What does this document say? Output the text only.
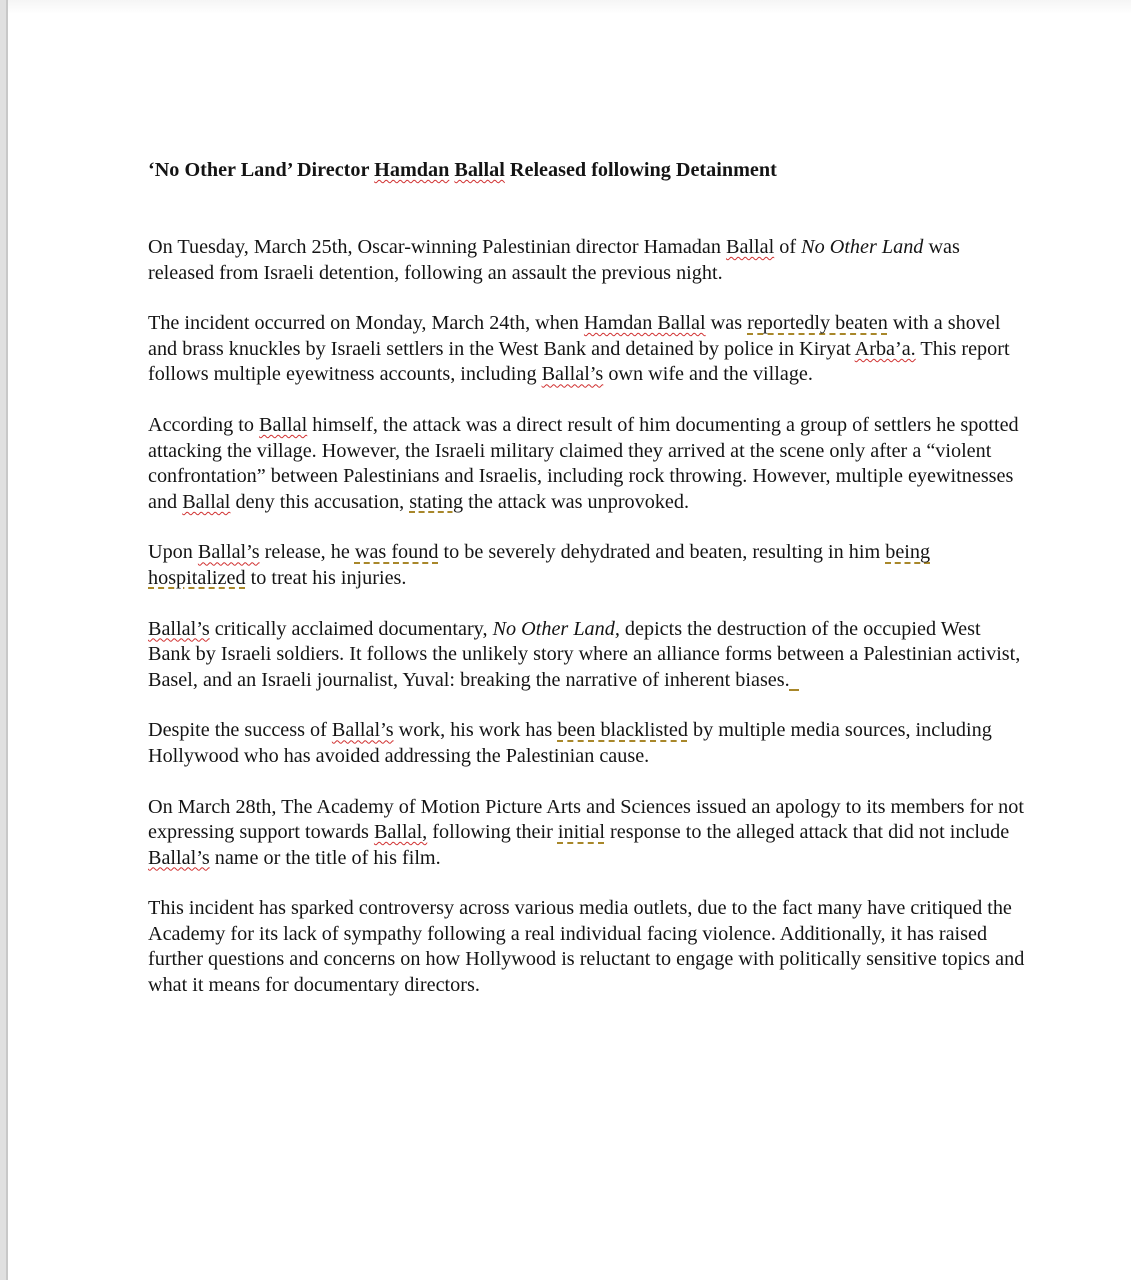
‘No Other Land’ Director Hamdan Ballal Released following Detainment

On Tuesday, March 25th, Oscar-winning Palestinian director Hamadan Ballal of No Other Land was released from Israeli detention, following an assault the previous night.

The incident occurred on Monday, March 24th, when Hamdan Ballal was reportedly beaten with a shovel and brass knuckles by Israeli settlers in the West Bank and detained by police in Kiryat Arba’a. This report follows multiple eyewitness accounts, including Ballal’s own wife and the village.

According to Ballal himself, the attack was a direct result of him documenting a group of settlers he spotted attacking the village. However, the Israeli military claimed they arrived at the scene only after a “violent confrontation” between Palestinians and Israelis, including rock throwing. However, multiple eyewitnesses and Ballal deny this accusation, stating the attack was unprovoked.

Upon Ballal’s release, he was found to be severely dehydrated and beaten, resulting in him being hospitalized to treat his injuries.

Ballal’s critically acclaimed documentary, No Other Land, depicts the destruction of the occupied West Bank by Israeli soldiers. It follows the unlikely story where an alliance forms between a Palestinian activist, Basel, and an Israeli journalist, Yuval: breaking the narrative of inherent biases.

Despite the success of Ballal’s work, his work has been blacklisted by multiple media sources, including Hollywood who has avoided addressing the Palestinian cause.

On March 28th, The Academy of Motion Picture Arts and Sciences issued an apology to its members for not expressing support towards Ballal, following their initial response to the alleged attack that did not include Ballal’s name or the title of his film.

This incident has sparked controversy across various media outlets, due to the fact many have critiqued the Academy for its lack of sympathy following a real individual facing violence. Additionally, it has raised further questions and concerns on how Hollywood is reluctant to engage with politically sensitive topics and what it means for documentary directors.
